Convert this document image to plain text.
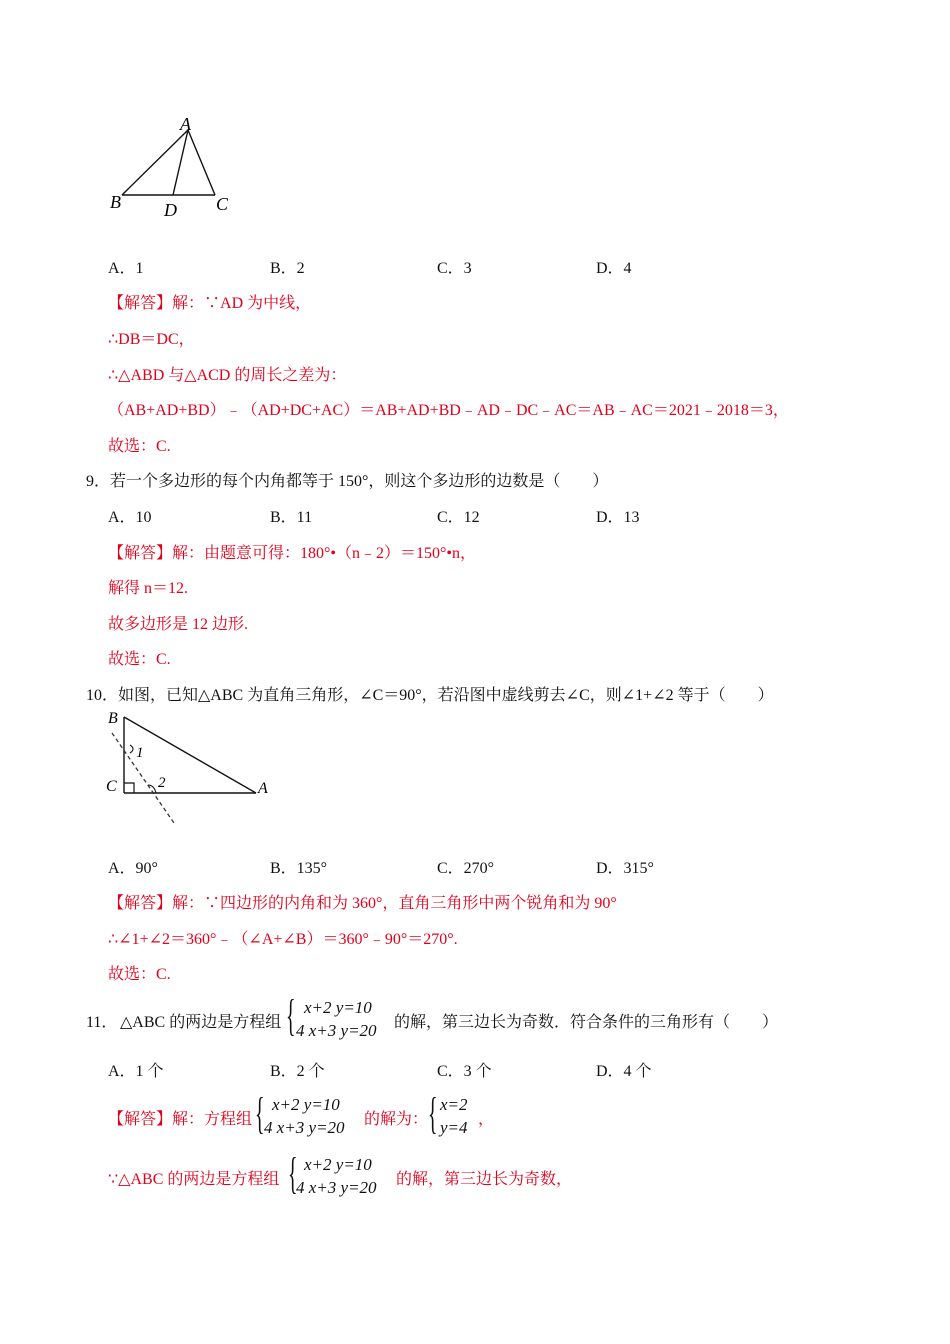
A
B D C
A．1	B．2	C．3	D．4
【解答】解：∵AD 为中线，
∴DB＝DC，
∴△ABD 与△ACD 的周长之差为：
（AB+AD+BD）﹣（AD+DC+AC）＝AB+AD+BD﹣AD﹣DC﹣AC＝AB﹣AC＝2021﹣2018＝3，
故选：C.
9．若一个多边形的每个内角都等于 150°，则这个多边形的边数是（　　）
A．10	B．11	C．12	D．13
【解答】解：由题意可得：180°•（n﹣2）＝150°•n，
解得 n＝12.
故多边形是 12 边形.
故选：C.
10．如图，已知△ABC 为直角三角形，∠C＝90°，若沿图中虚线剪去∠C，则∠1+∠2 等于（　　）
B
C	A
1
2
A．90°	B．135°	C．270°	D．315°
【解答】解：∵四边形的内角和为 360°，直角三角形中两个锐角和为 90°
∴∠1+∠2＝360°﹣（∠A+∠B）＝360°﹣90°＝270°.
故选：C.
11． △ABC 的两边是方程组 { x+2 y=10
4 x+3 y=20 的解，第三边长为奇数．符合条件的三角形有（　　）
A．1 个	B．2 个	C．3 个	D．4 个
【解答】解：方程组 { x+2 y=10
4 x+3 y=20 的解为： { x=2
y=4 ，
∵△ABC 的两边是方程组 { x+2 y=10
4 x+3 y=20 的解，第三边长为奇数，
